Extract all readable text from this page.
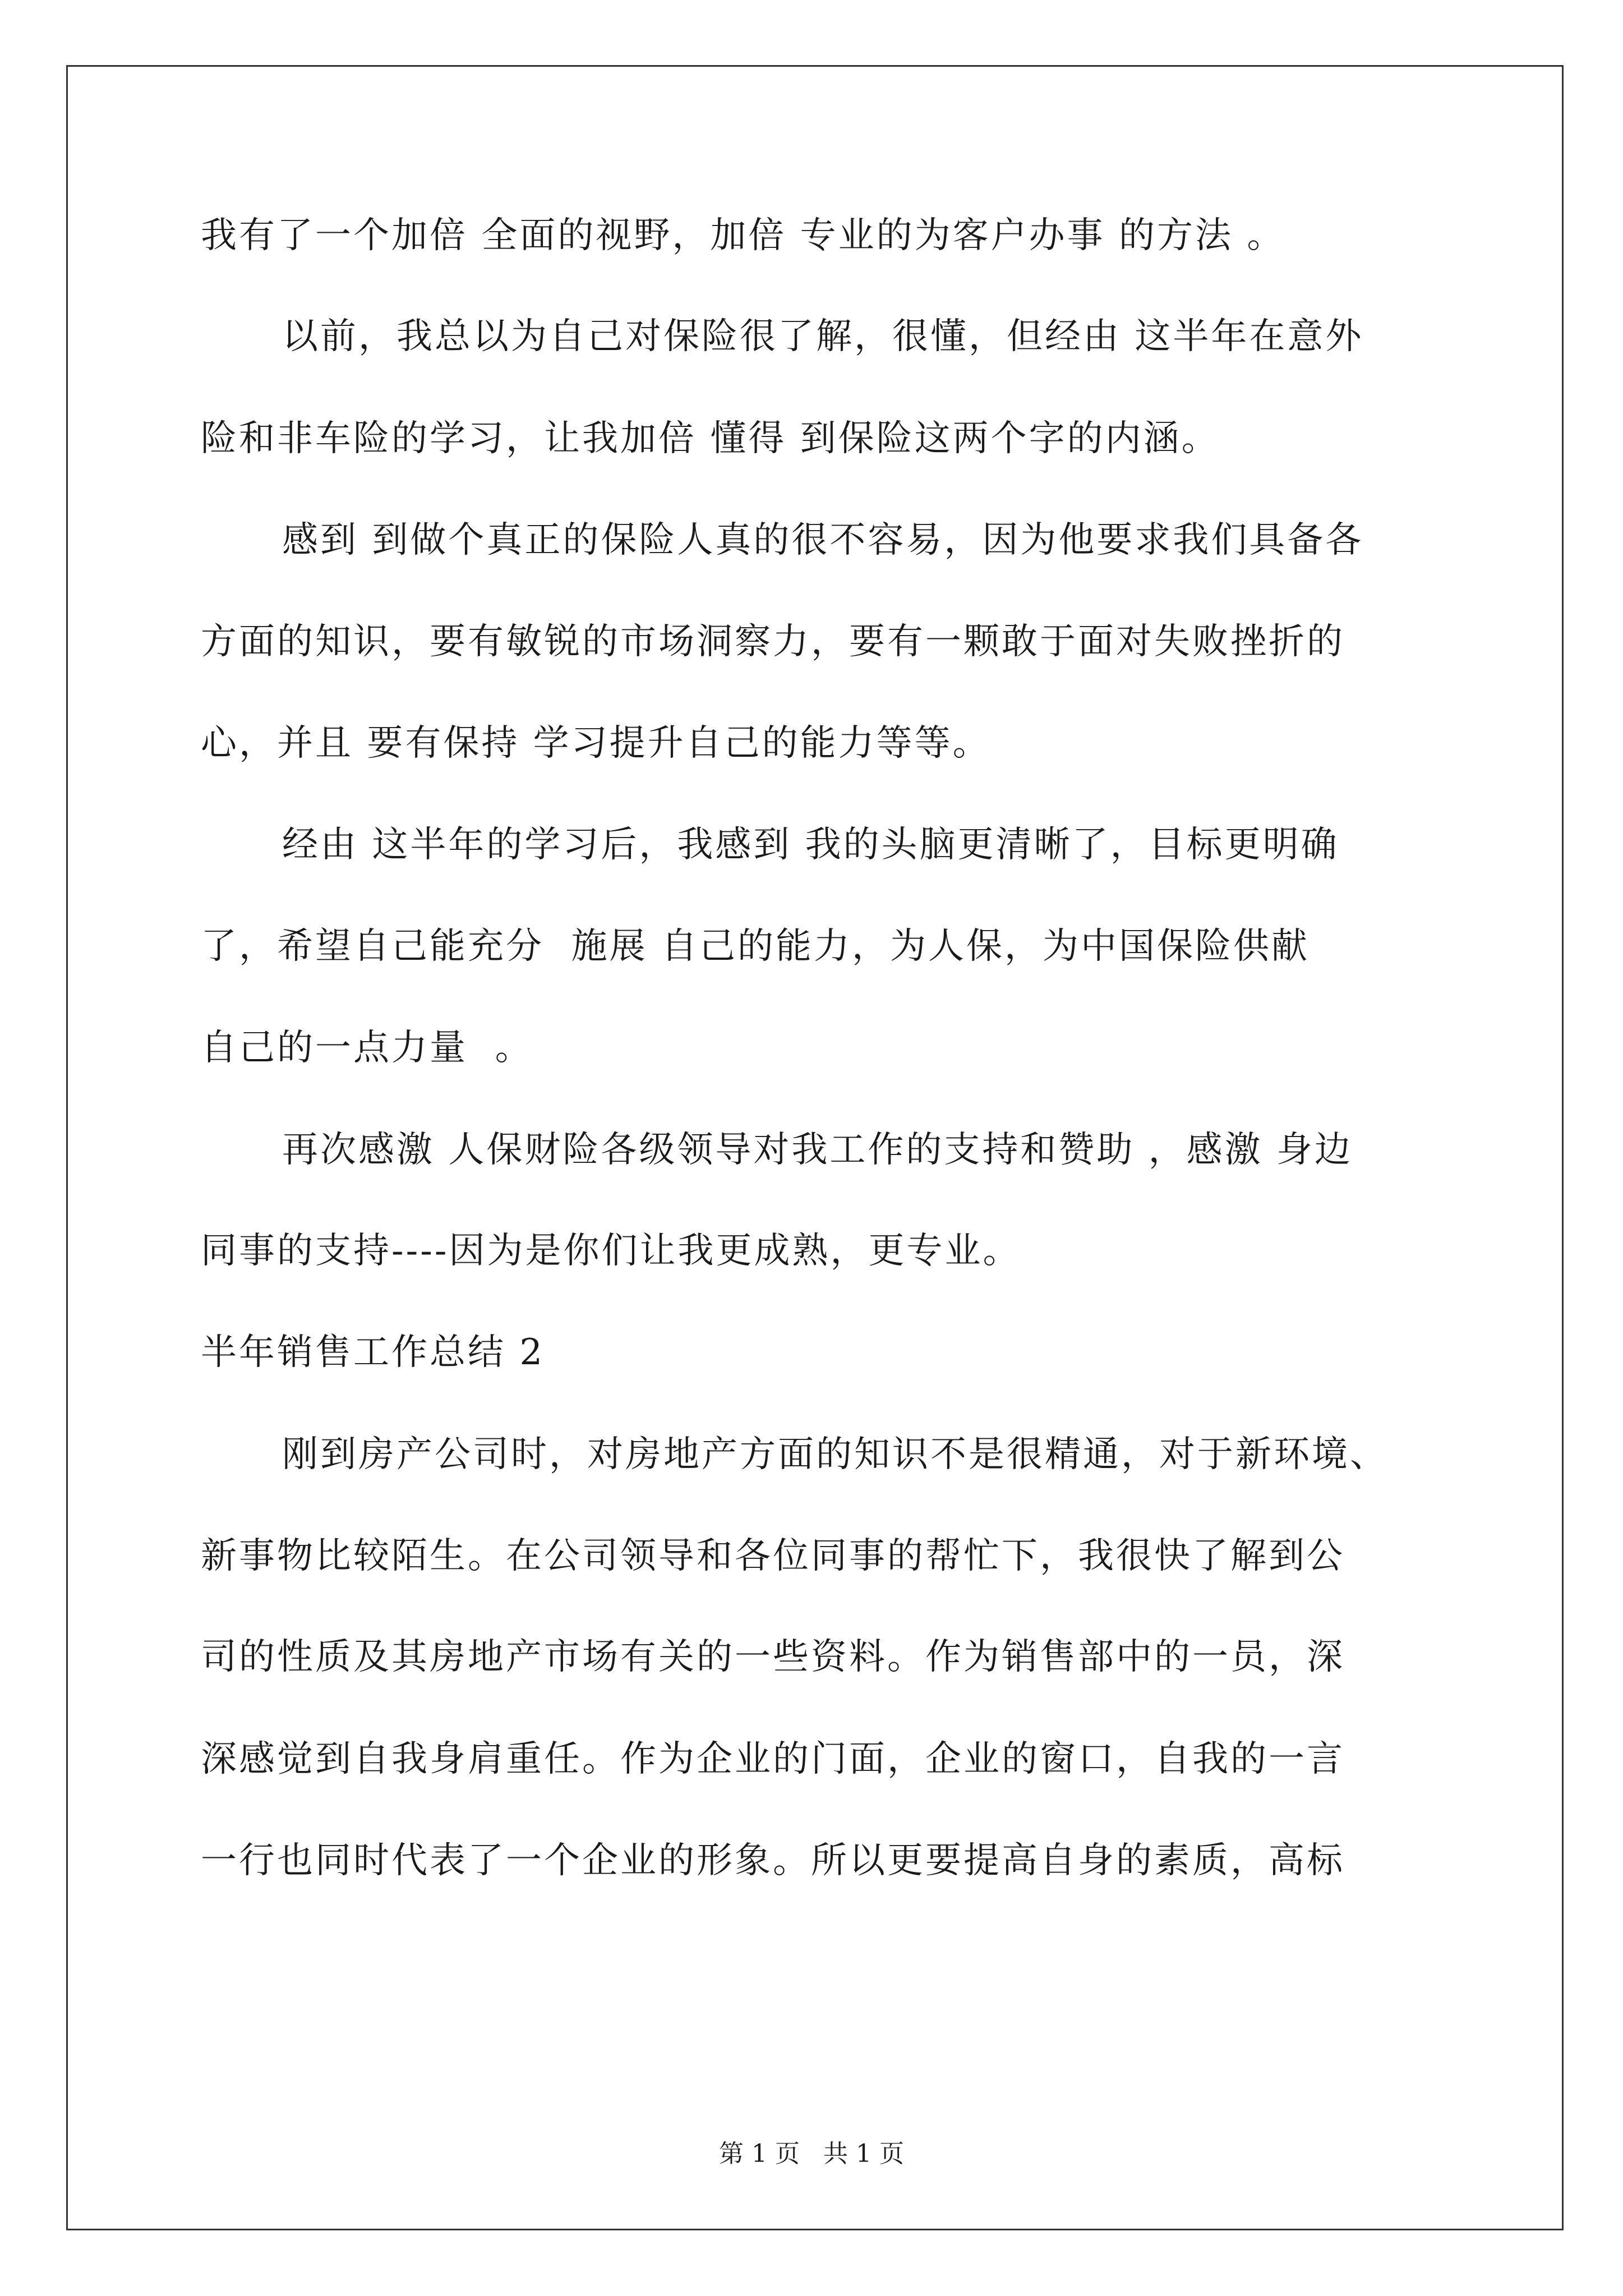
我有了一个加倍 全面的视野，加倍 专业的为客户办事 的方法 。
以前，我总以为自己对保险很了解，很懂，但经由 这半年在意外
险和非车险的学习，让我加倍 懂得 到保险这两个字的内涵。
感到 到做个真正的保险人真的很不容易，因为他要求我们具备各
方面的知识，要有敏锐的市场洞察力，要有一颗敢于面对失败挫折的
心，并且 要有保持 学习提升自己的能力等等。
经由 这半年的学习后，我感到 我的头脑更清晰了，目标更明确
了，希望自己能充分  施展 自己的能力，为人保，为中国保险供献
自己的一点力量  。
再次感激 人保财险各级领导对我工作的支持和赞助 ，感激 身边
同事的支持----因为是你们让我更成熟，更专业。
半年销售工作总结 2
刚到房产公司时，对房地产方面的知识不是很精通，对于新环境、
新事物比较陌生。在公司领导和各位同事的帮忙下，我很快了解到公
司的性质及其房地产市场有关的一些资料。作为销售部中的一员，深
深感觉到自我身肩重任。作为企业的门面，企业的窗口，自我的一言
一行也同时代表了一个企业的形象。所以更要提高自身的素质，高标
第 1 页   共 1 页
